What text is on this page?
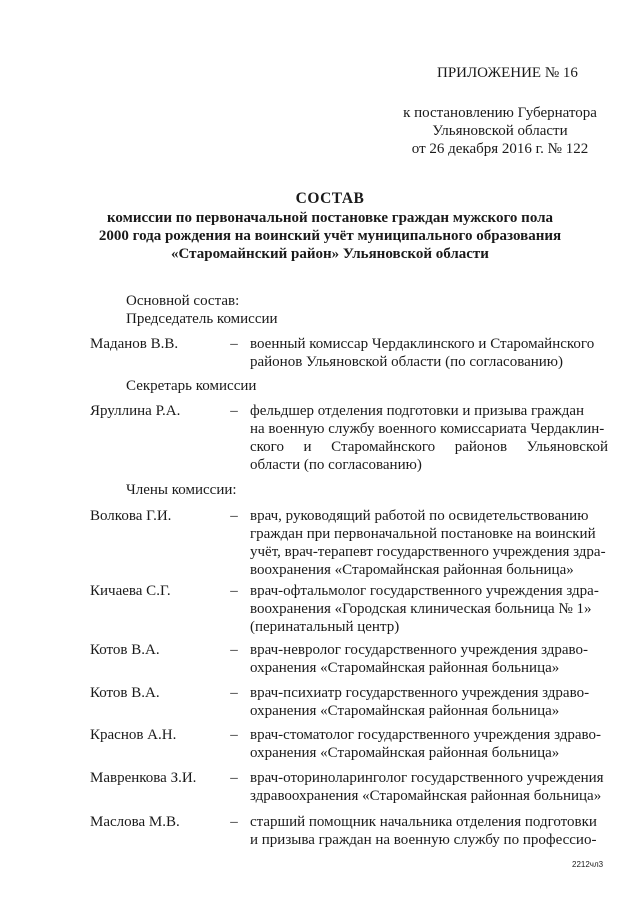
ПРИЛОЖЕНИЕ № 16
к постановлению Губернатора
Ульяновской области
от 26 декабря 2016 г. № 122
СОСТАВ
комиссии по первоначальной постановке граждан мужского пола
2000 года рождения на воинский учёт муниципального образования
«Старомайнский район» Ульяновской области
Основной состав:
Председатель комиссии
Маданов В.В.	– военный комиссар Чердаклинского и Старомайнского
районов Ульяновской области (по согласованию)
Секретарь комиссии
Яруллина Р.А.	– фельдшер отделения подготовки и призыва граждан
на военную службу военного комиссариата Чердаклин-
ского и Старомайнского районов Ульяновской
области (по согласованию)
Члены комиссии:
Волкова Г.И.	– врач, руководящий работой по освидетельствованию
граждан при первоначальной постановке на воинский
учёт, врач-терапевт государственного учреждения здра-
воохранения «Старомайнская районная больница»
Кичаева С.Г.	– врач-офтальмолог государственного учреждения здра-
воохранения «Городская клиническая больница № 1»
(перинатальный центр)
Котов В.А.	– врач-невролог государственного учреждения здраво-
охранения «Старомайнская районная больница»
Котов В.А.	– врач-психиатр государственного учреждения здраво-
охранения «Старомайнская районная больница»
Краснов А.Н.	– врач-стоматолог государственного учреждения здраво-
охранения «Старомайнская районная больница»
Мавренкова З.И.	– врач-оториноларинголог государственного учреждения
здравоохранения «Старомайнская районная больница»
Маслова М.В.	– старший помощник начальника отделения подготовки
и призыва граждан на военную службу по профессио-
2212чл3
